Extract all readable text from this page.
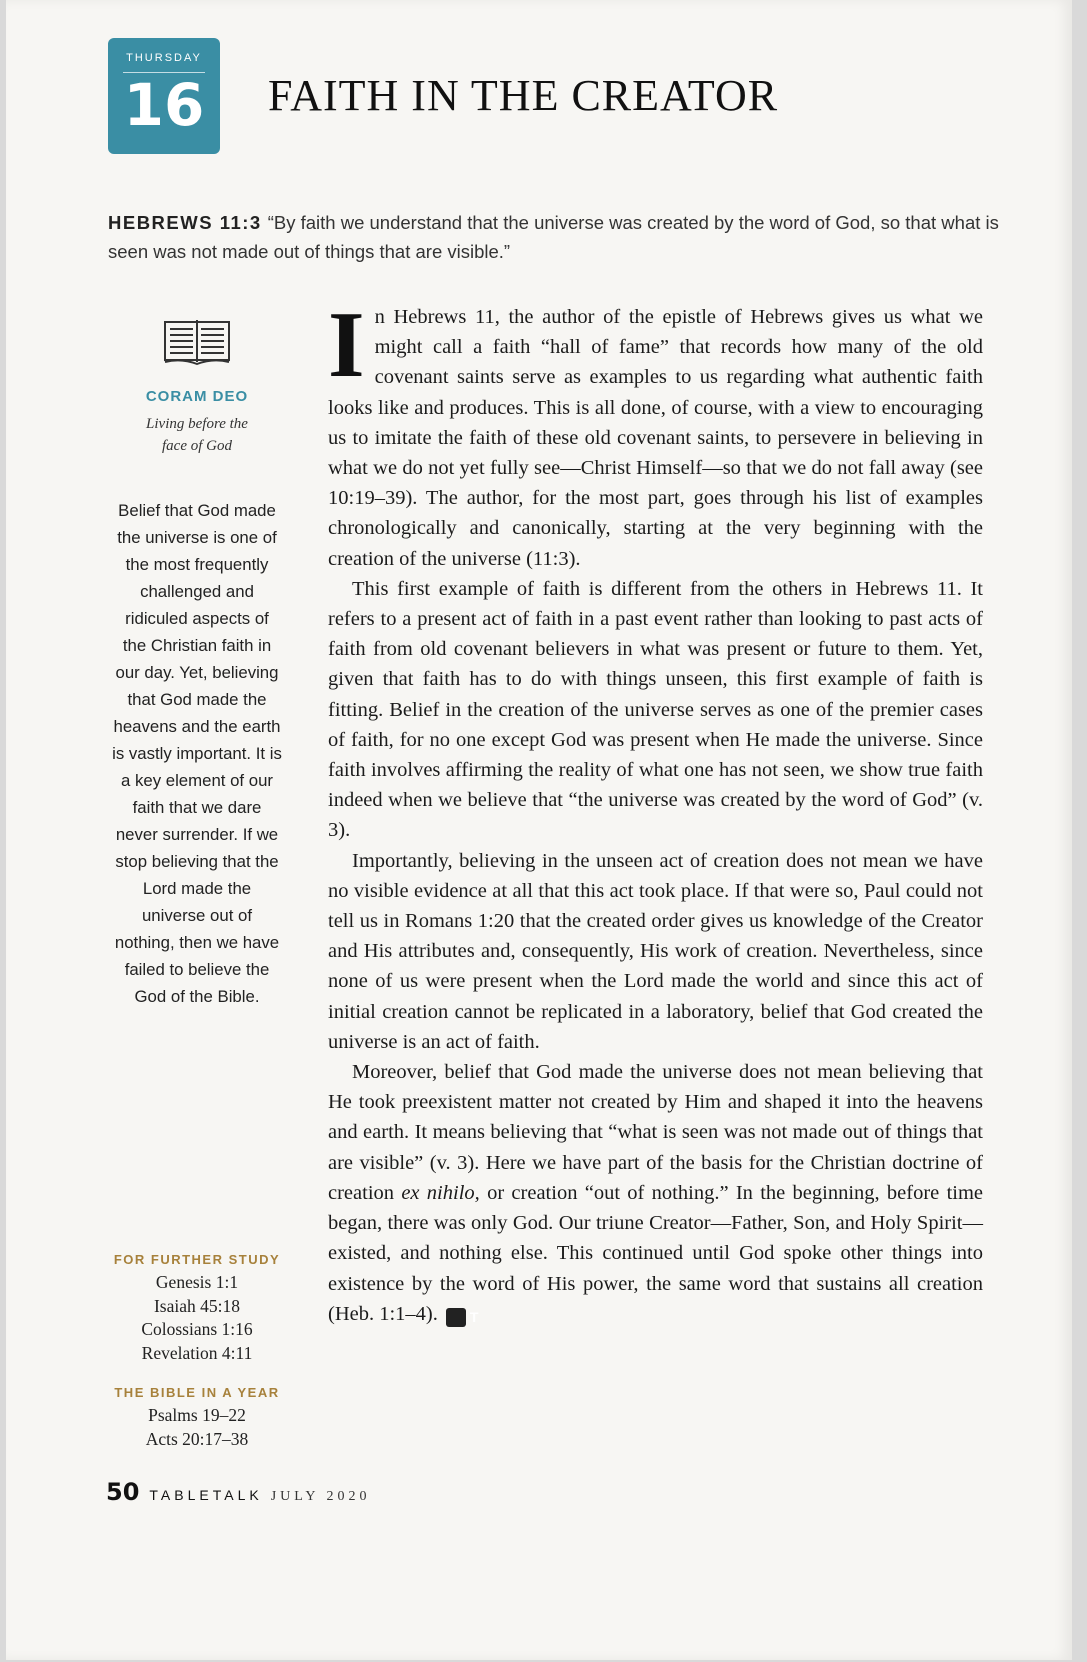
THURSDAY
16	FAITH IN THE CREATOR
HEBREWS 11:3 “By faith we understand that the universe was created by the word of God, so that what is seen was not made out of things that are visible.”
CORAM DEO
Living before the face of God
Belief that God made the universe is one of the most frequently challenged and ridiculed aspects of the Christian faith in our day. Yet, believing that God made the heavens and the earth is vastly important. It is a key element of our faith that we dare never surrender. If we stop believing that the Lord made the universe out of nothing, then we have failed to believe the God of the Bible.
FOR FURTHER STUDY
Genesis 1:1
Isaiah 45:18
Colossians 1:16
Revelation 4:11
THE BIBLE IN A YEAR
Psalms 19–22
Acts 20:17–38

In Hebrews 11, the author of the epistle of Hebrews gives us what we might call a faith “hall of fame” that records how many of the old covenant saints serve as examples to us regarding what authentic faith looks like and produces. This is all done, of course, with a view to encouraging us to imitate the faith of these old covenant saints, to persevere in believing in what we do not yet fully see—Christ Himself—so that we do not fall away (see 10:19–39). The author, for the most part, goes through his list of examples chronologically and canonically, starting at the very beginning with the creation of the universe (11:3).

This first example of faith is different from the others in Hebrews 11. It refers to a present act of faith in a past event rather than looking to past acts of faith from old covenant believers in what was present or future to them. Yet, given that faith has to do with things unseen, this first example of faith is fitting. Belief in the creation of the universe serves as one of the premier cases of faith, for no one except God was present when He made the universe. Since faith involves affirming the reality of what one has not seen, we show true faith indeed when we believe that “the universe was created by the word of God” (v. 3).

Importantly, believing in the unseen act of creation does not mean we have no visible evidence at all that this act took place. If that were so, Paul could not tell us in Romans 1:20 that the created order gives us knowledge of the Creator and His attributes and, consequently, His work of creation. Nevertheless, since none of us were present when the Lord made the world and since this act of initial creation cannot be replicated in a laboratory, belief that God created the universe is an act of faith.

Moreover, belief that God made the universe does not mean believing that He took preexistent matter not created by Him and shaped it into the heavens and earth. It means believing that “what is seen was not made out of things that are visible” (v. 3). Here we have part of the basis for the Christian doctrine of creation ex nihilo, or creation “out of nothing.” In the beginning, before time began, there was only God. Our triune Creator—Father, Son, and Holy Spirit—existed, and nothing else. This continued until God spoke other things into existence by the word of His power, the same word that sustains all creation (Heb. 1:1–4). T

50 TABLETALK JULY 2020
